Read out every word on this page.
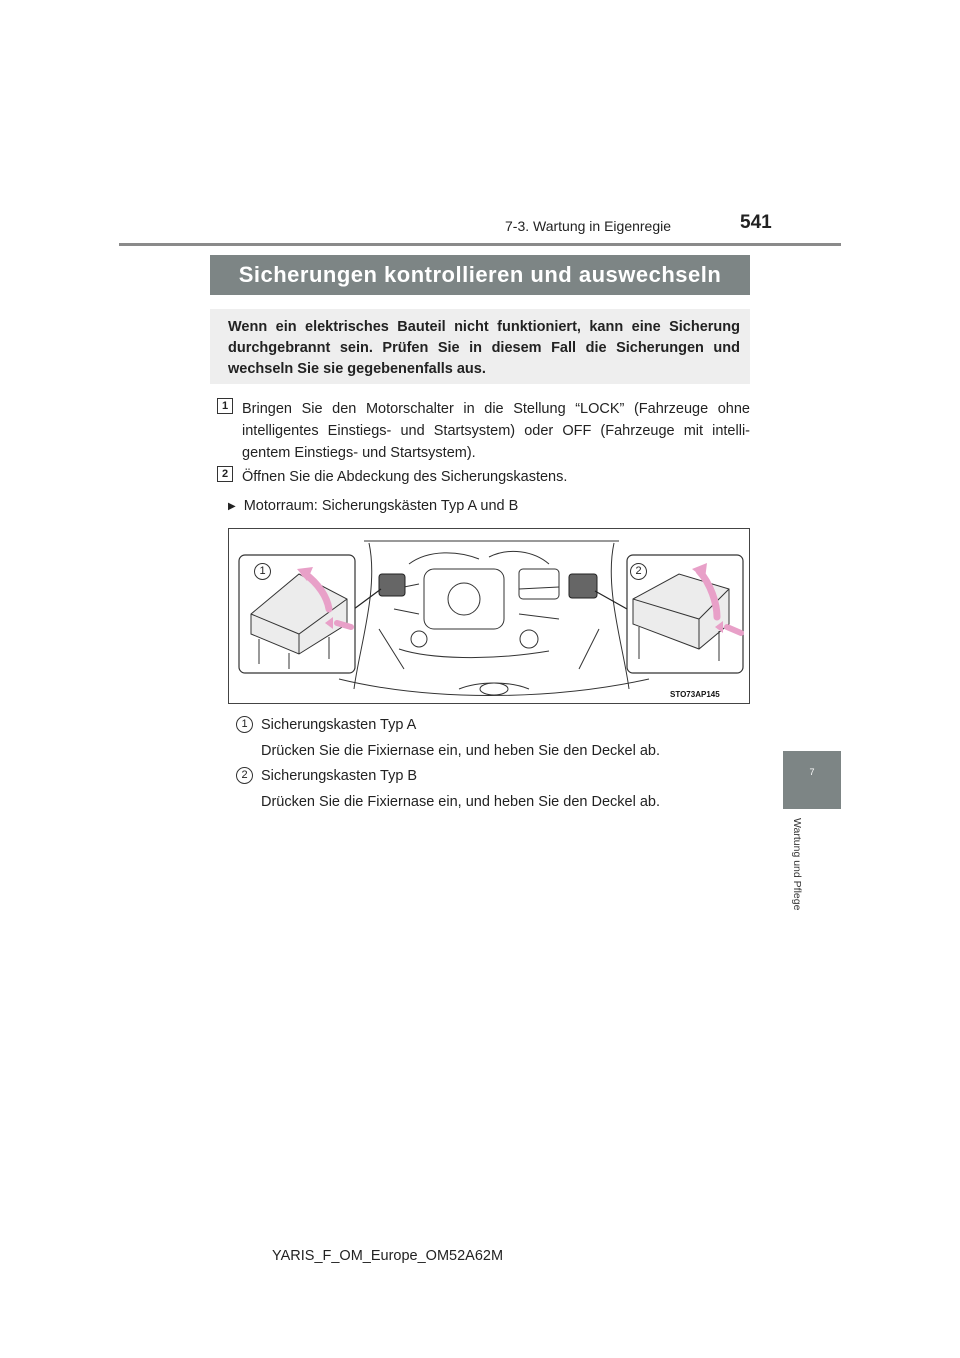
7-3. Wartung in Eigenregie	541
Sicherungen kontrollieren und auswechseln
Wenn ein elektrisches Bauteil nicht funktioniert, kann eine Sicherung durchgebrannt sein. Prüfen Sie in diesem Fall die Sicherungen und wechseln Sie sie gegebenenfalls aus.
1 Bringen Sie den Motorschalter in die Stellung “LOCK” (Fahrzeuge ohne intelligentes Einstiegs- und Startsystem) oder OFF (Fahrzeuge mit intelli- gentem Einstiegs- und Startsystem).
2 Öffnen Sie die Abdeckung des Sicherungskastens.
▶ Motorraum: Sicherungskästen Typ A und B
1	2
STO73AP145
1 Sicherungskasten Typ A
Drücken Sie die Fixiernase ein, und heben Sie den Deckel ab.
2 Sicherungskasten Typ B
Drücken Sie die Fixiernase ein, und heben Sie den Deckel ab.
7
Wartung und Pflege
YARIS_F_OM_Europe_OM52A62M
